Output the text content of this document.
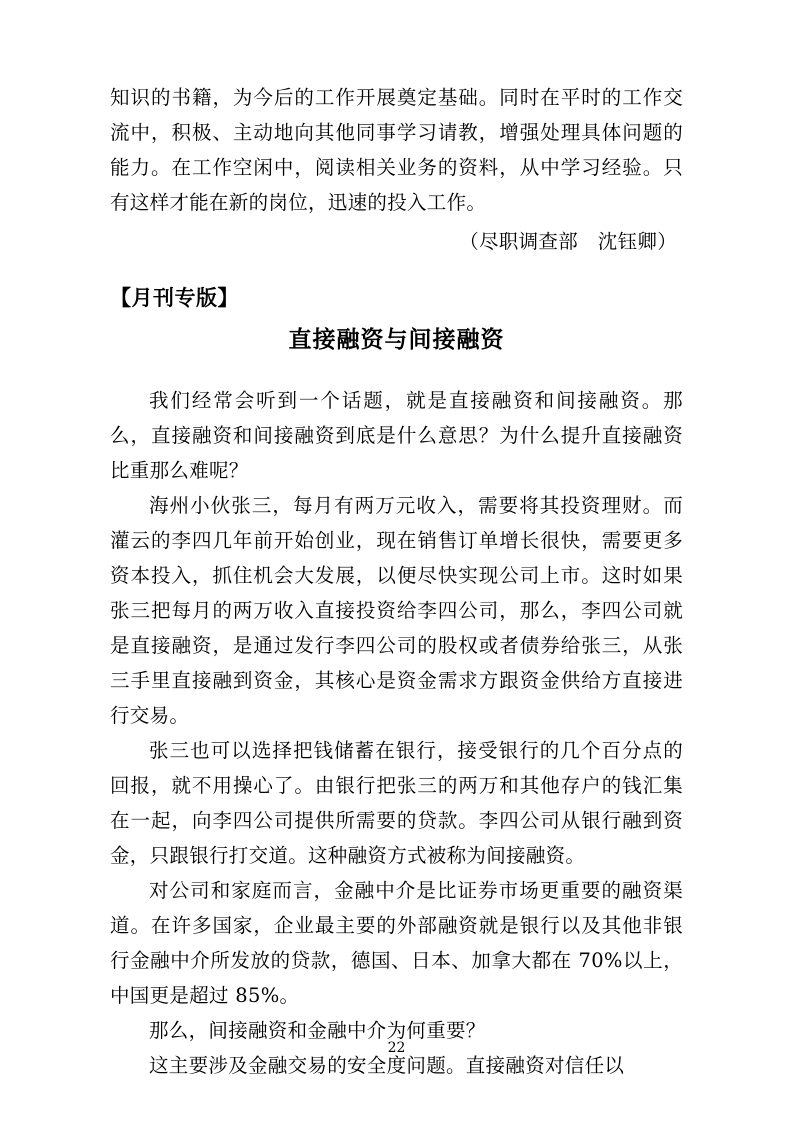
知识的书籍，为今后的工作开展奠定基础。同时在平时的工作交流中，积极、主动地向其他同事学习请教，增强处理具体问题的能力。在工作空闲中，阅读相关业务的资料，从中学习经验。只有这样才能在新的岗位，迅速的投入工作。

（尽职调查部　沈钰卿）

【月刊专版】

直接融资与间接融资

我们经常会听到一个话题，就是直接融资和间接融资。那么，直接融资和间接融资到底是什么意思？为什么提升直接融资比重那么难呢？

海州小伙张三，每月有两万元收入，需要将其投资理财。而灌云的李四几年前开始创业，现在销售订单增长很快，需要更多资本投入，抓住机会大发展，以便尽快实现公司上市。这时如果张三把每月的两万收入直接投资给李四公司，那么，李四公司就是直接融资，是通过发行李四公司的股权或者债券给张三，从张三手里直接融到资金，其核心是资金需求方跟资金供给方直接进行交易。

张三也可以选择把钱储蓄在银行，接受银行的几个百分点的回报，就不用操心了。由银行把张三的两万和其他存户的钱汇集在一起，向李四公司提供所需要的贷款。李四公司从银行融到资金，只跟银行打交道。这种融资方式被称为间接融资。

对公司和家庭而言，金融中介是比证券市场更重要的融资渠道。在许多国家，企业最主要的外部融资就是银行以及其他非银行金融中介所发放的贷款，德国、日本、加拿大都在 70%以上，中国更是超过 85%。

那么，间接融资和金融中介为何重要？

这主要涉及金融交易的安全度问题。直接融资对信任以

22
